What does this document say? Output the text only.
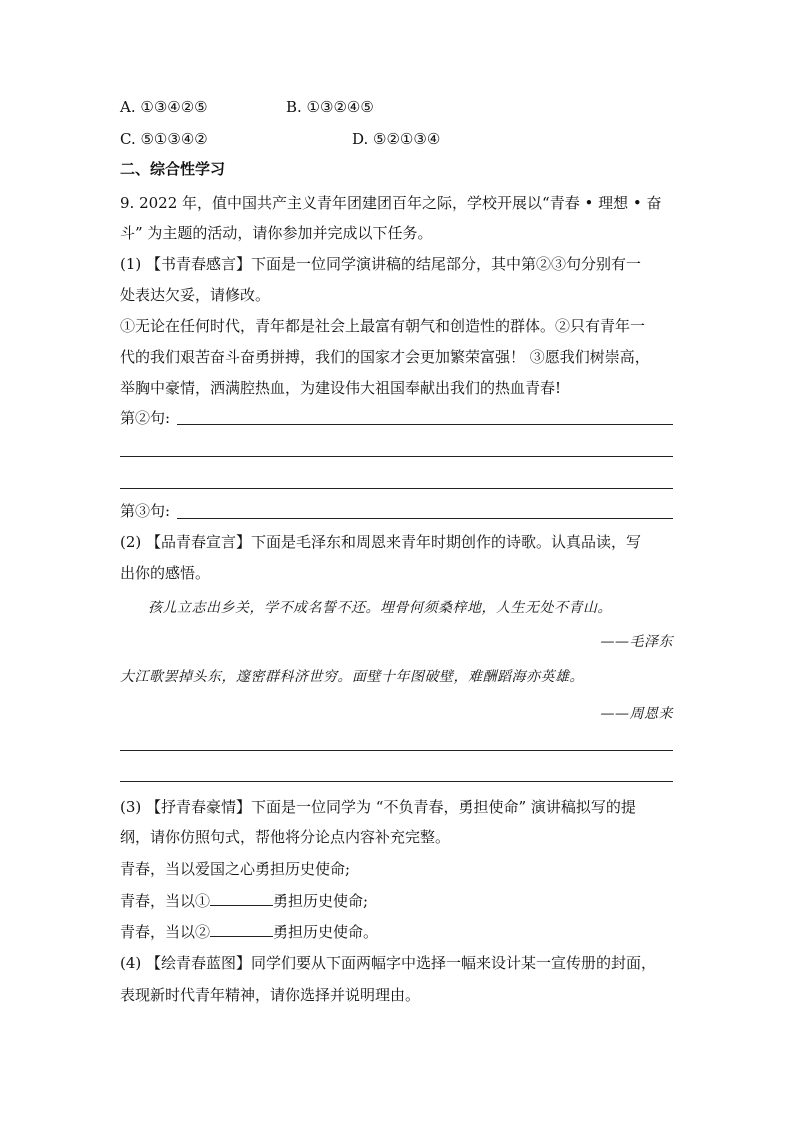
A. ①③④②⑤	B. ①③②④⑤
C. ⑤①③④②	D. ⑤②①③④
二、综合性学习
9. 2022 年，值中国共产主义青年团建团百年之际，学校开展以“青春 • 理想 • 奋
斗” 为主题的活动，请你参加并完成以下任务。
(1) 【书青春感言】下面是一位同学演讲稿的结尾部分，其中第②③句分别有一
处表达欠妥，请修改。
①无论在任何时代，青年都是社会上最富有朝气和创造性的群体。②只有青年一
代的我们艰苦奋斗奋勇拼搏，我们的国家才会更加繁荣富强！ ③愿我们树崇高，
举胸中豪情，洒满腔热血，为建设伟大祖国奉献出我们的热血青春!
第②句:
第③句:
(2) 【品青春宣言】下面是毛泽东和周恩来青年时期创作的诗歌。认真品读，写
出你的感悟。
孩儿立志出乡关，学不成名誓不还。埋骨何须桑梓地，人生无处不青山。
——毛泽东
大江歌罢掉头东，邃密群科济世穷。面壁十年图破壁，难酬蹈海亦英雄。
——周恩来
(3) 【抒青春豪情】下面是一位同学为 “不负青春，勇担使命” 演讲稿拟写的提
纲，请你仿照句式，帮他将分论点内容补充完整。
青春，当以爱国之心勇担历史使命;
青春，当以①	勇担历史使命;
青春，当以②	勇担历史使命。
(4) 【绘青春蓝图】同学们要从下面两幅字中选择一幅来设计某一宣传册的封面，
表现新时代青年精神，请你选择并说明理由。
